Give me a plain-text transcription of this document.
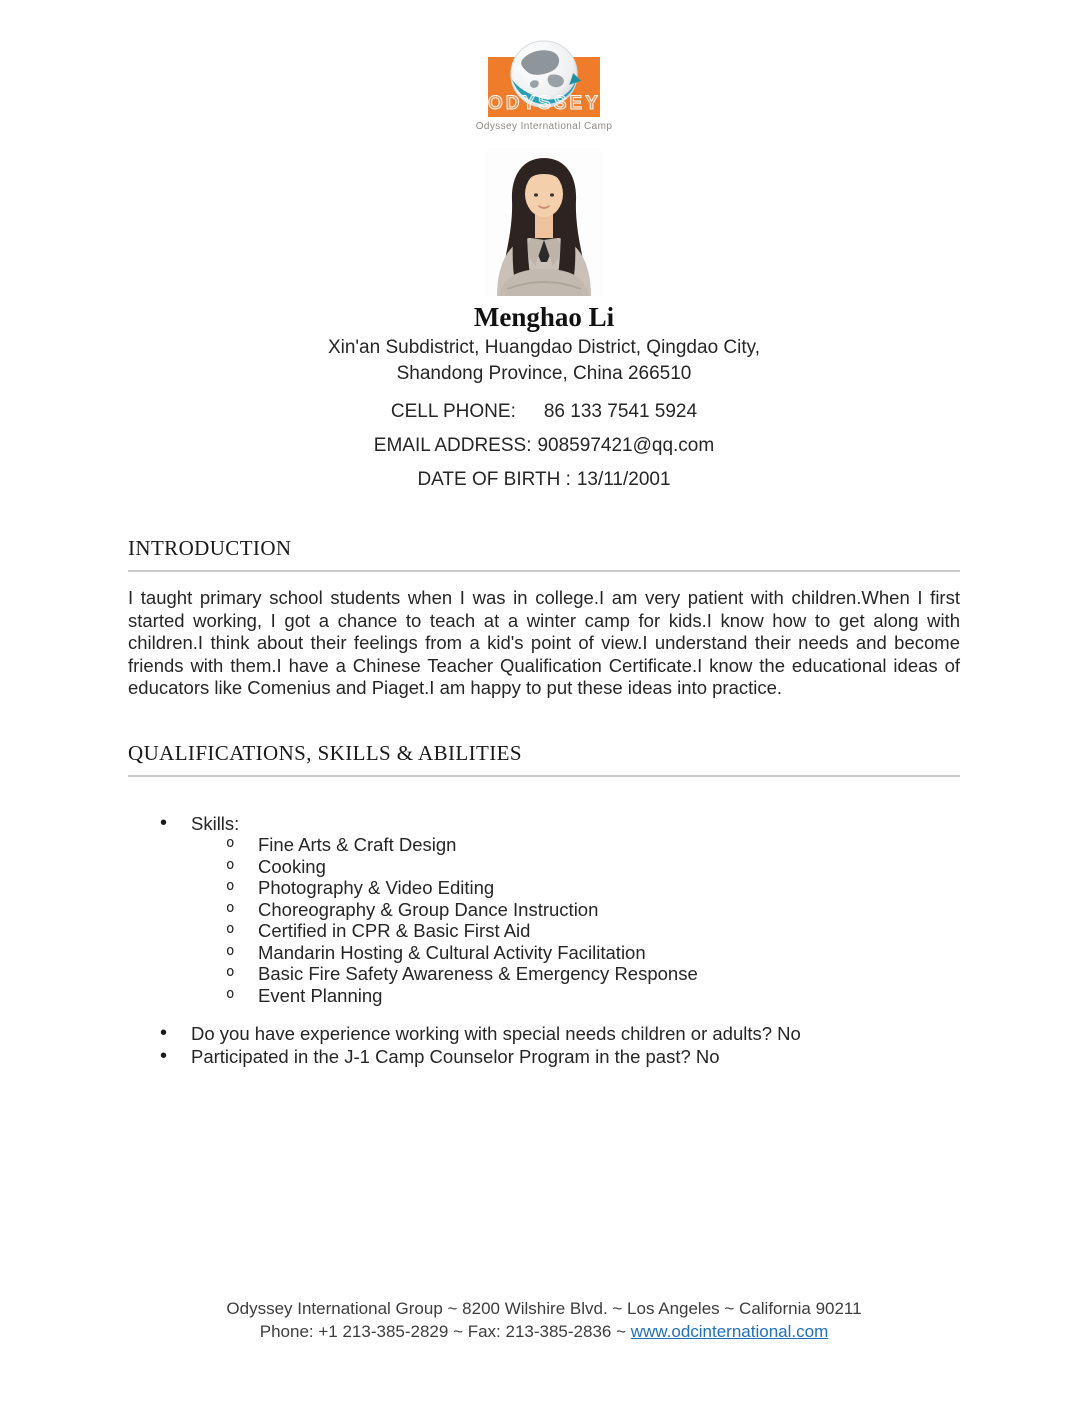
ODYSSEY
Odyssey International Camp
Menghao Li
Xin'an Subdistrict, Huangdao District, Qingdao City,
Shandong Province, China 266510
CELL PHONE: 86 133 7541 5924
EMAIL ADDRESS: 908597421@qq.com
DATE OF BIRTH : 13/11/2001
INTRODUCTION

I taught primary school students when I was in college.I am very patient with children.When I first started working, I got a chance to teach at a winter camp for kids.I know how to get along with children.I think about their feelings from a kid's point of view.I understand their needs and become friends with them.I have a Chinese Teacher Qualification Certificate.I know the educational ideas of educators like Comenius and Piaget.I am happy to put these ideas into practice.

QUALIFICATIONS, SKILLS & ABILITIES
• Skills:
o Fine Arts & Craft Design
o Cooking
o Photography & Video Editing
o Choreography & Group Dance Instruction
o Certified in CPR & Basic First Aid
o Mandarin Hosting & Cultural Activity Facilitation
o Basic Fire Safety Awareness & Emergency Response
o Event Planning
• Do you have experience working with special needs children or adults? No
• Participated in the J-1 Camp Counselor Program in the past? No
Odyssey International Group ~ 8200 Wilshire Blvd. ~ Los Angeles ~ California 90211
Phone: +1 213-385-2829 ~ Fax: 213-385-2836 ~ www.odcinternational.com
